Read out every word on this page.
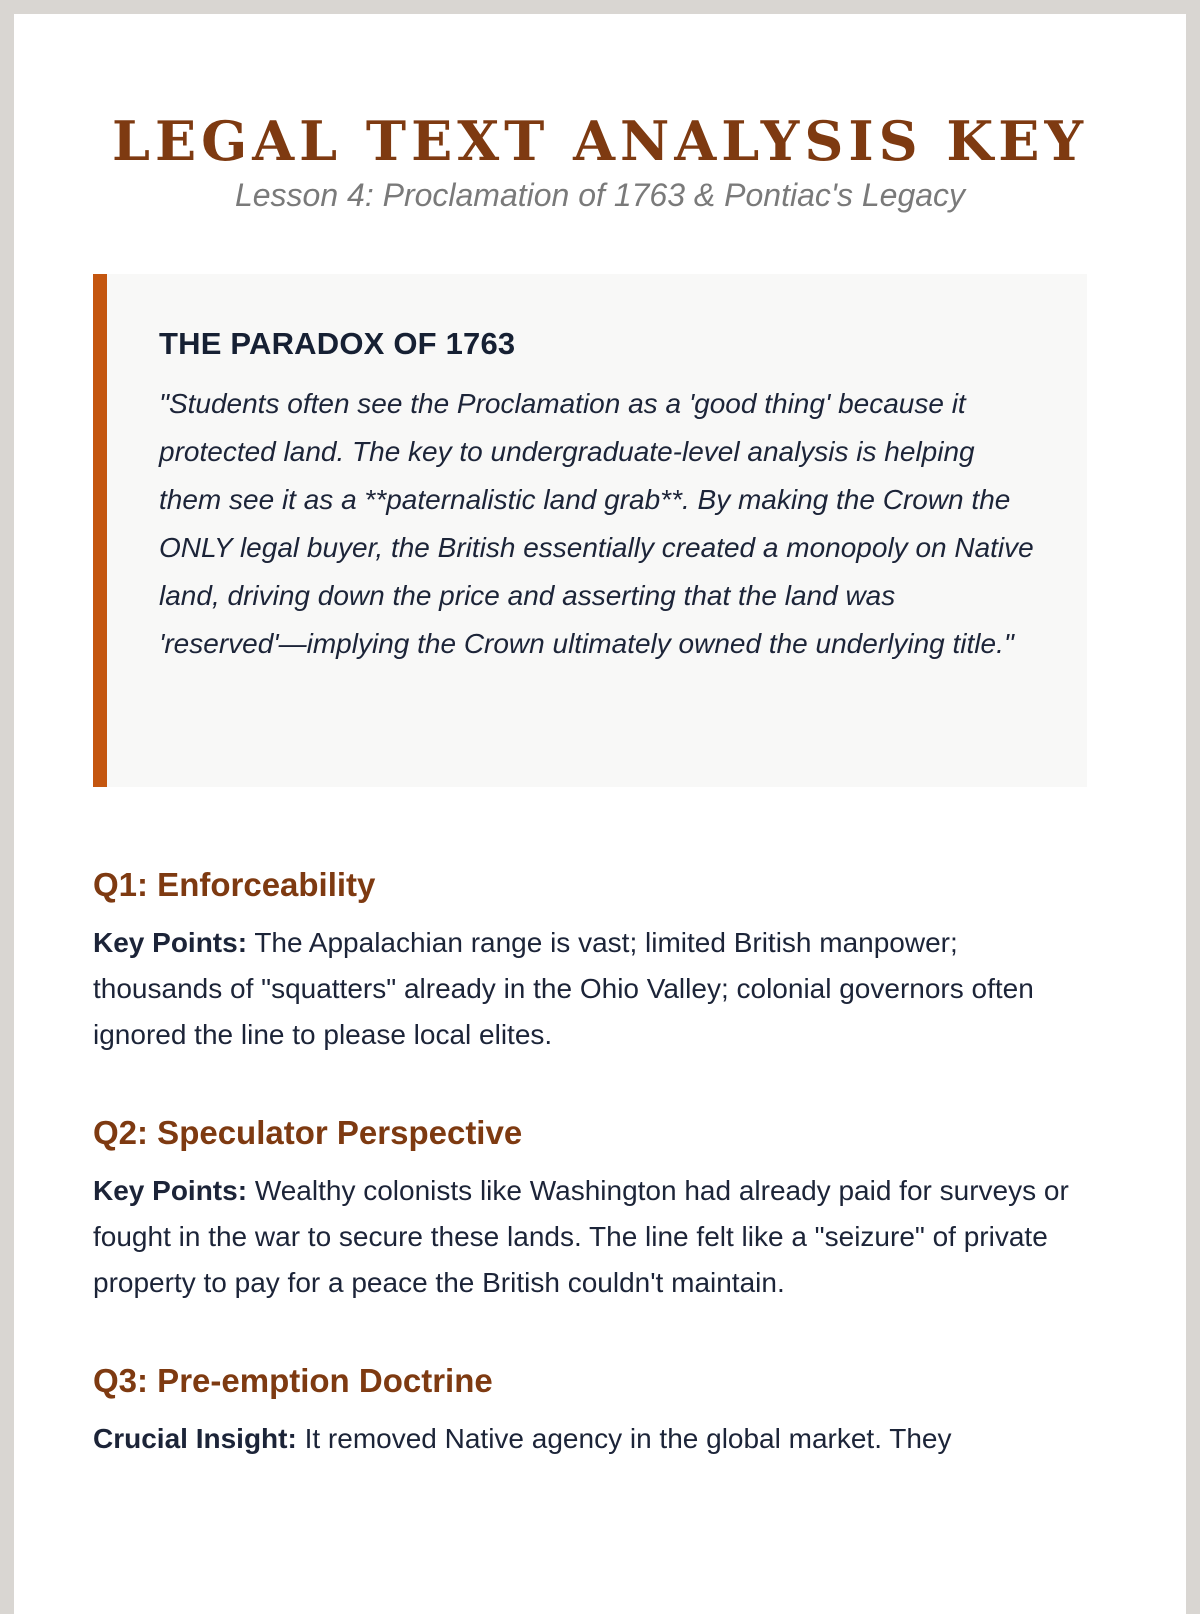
LEGAL TEXT ANALYSIS KEY

Lesson 4: Proclamation of 1763 & Pontiac's Legacy

THE PARADOX OF 1763

"Students often see the Proclamation as a 'good thing' because it protected land. The key to undergraduate-level analysis is helping them see it as a **paternalistic land grab**. By making the Crown the ONLY legal buyer, the British essentially created a monopoly on Native land, driving down the price and asserting that the land was 'reserved'—implying the Crown ultimately owned the underlying title."

Q1: Enforceability

Key Points: The Appalachian range is vast; limited British manpower; thousands of "squatters" already in the Ohio Valley; colonial governors often ignored the line to please local elites.

Q2: Speculator Perspective

Key Points: Wealthy colonists like Washington had already paid for surveys or fought in the war to secure these lands. The line felt like a "seizure" of private property to pay for a peace the British couldn't maintain.

Q3: Pre-emption Doctrine

Crucial Insight: It removed Native agency in the global market. They
